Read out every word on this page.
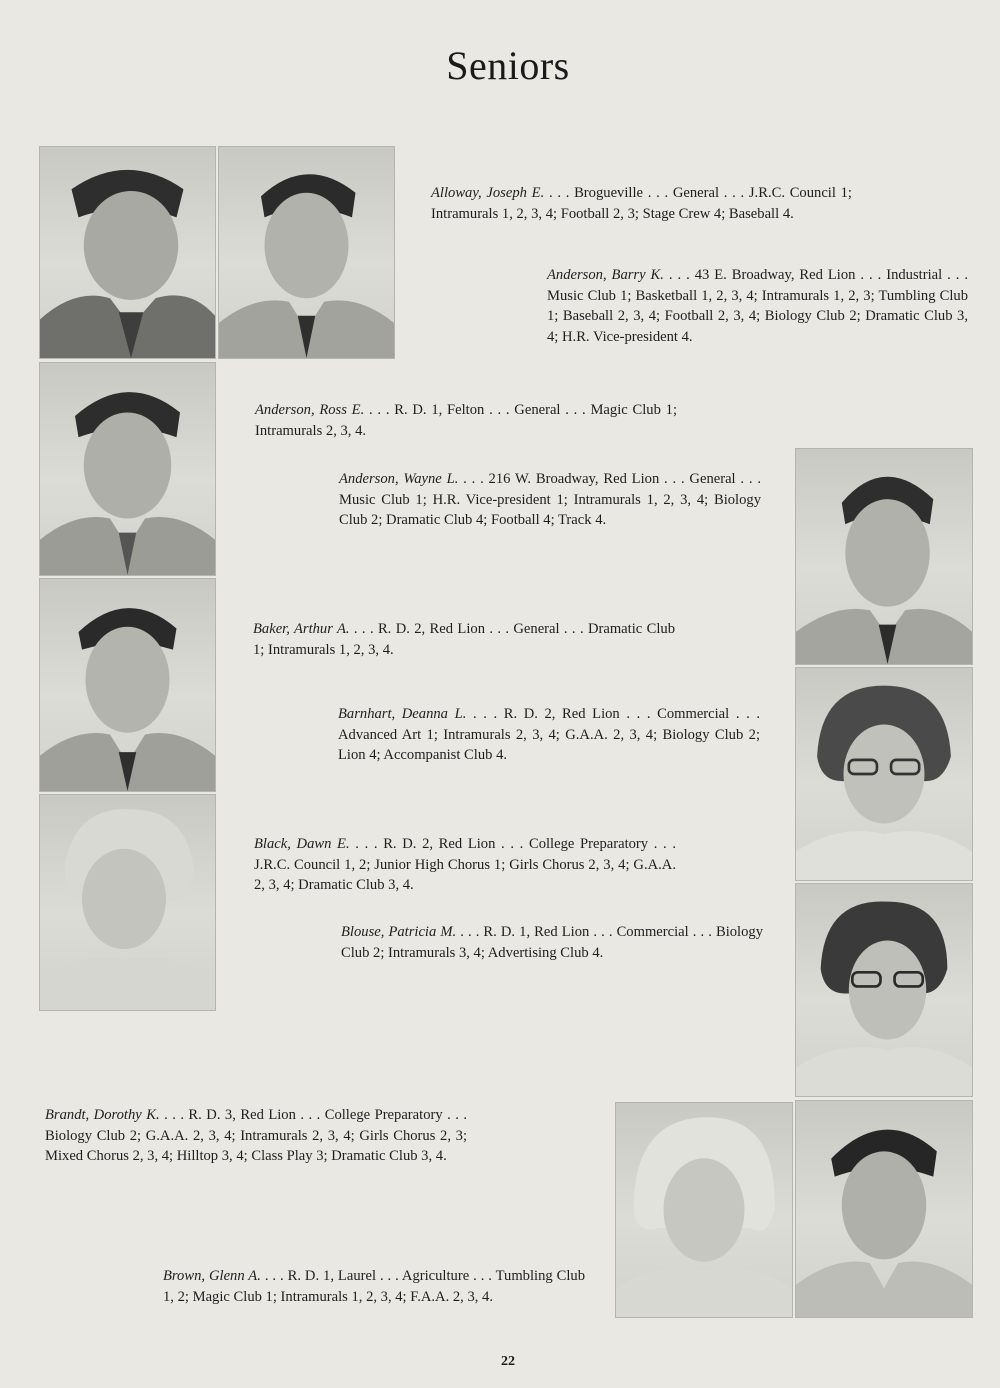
Seniors
Alloway, Joseph E. . . . Brogueville . . . General . . . J.R.C. Council 1; Intramurals 1, 2, 3, 4; Football 2, 3; Stage Crew 4; Baseball 4.
Anderson, Barry K. . . . 43 E. Broadway, Red Lion . . . Industrial . . . Music Club 1; Basketball 1, 2, 3, 4; Intramurals 1, 2, 3; Tumbling Club 1; Baseball 2, 3, 4; Football 2, 3, 4; Biology Club 2; Dramatic Club 3, 4; H.R. Vice-president 4.
Anderson, Ross E. . . . R. D. 1, Felton . . . General . . . Magic Club 1; Intramurals 2, 3, 4.
Anderson, Wayne L. . . . 216 W. Broadway, Red Lion . . . General . . . Music Club 1; H.R. Vice-president 1; Intramurals 1, 2, 3, 4; Biology Club 2; Dramatic Club 4; Football 4; Track 4.
Baker, Arthur A. . . . R. D. 2, Red Lion . . . General . . . Dramatic Club 1; Intramurals 1, 2, 3, 4.
Barnhart, Deanna L. . . . R. D. 2, Red Lion . . . Commercial . . . Advanced Art 1; Intramurals 2, 3, 4; G.A.A. 2, 3, 4; Biology Club 2; Lion 4; Accompanist Club 4.
Black, Dawn E. . . . R. D. 2, Red Lion . . . College Preparatory . . . J.R.C. Council 1, 2; Junior High Chorus 1; Girls Chorus 2, 3, 4; G.A.A. 2, 3, 4; Dramatic Club 3, 4.
Blouse, Patricia M. . . . R. D. 1, Red Lion . . . Commercial . . . Biology Club 2; Intramurals 3, 4; Advertising Club 4.
Brandt, Dorothy K. . . . R. D. 3, Red Lion . . . College Preparatory . . . Biology Club 2; G.A.A. 2, 3, 4; Intramurals 2, 3, 4; Girls Chorus 2, 3; Mixed Chorus 2, 3, 4; Hilltop 3, 4; Class Play 3; Dramatic Club 3, 4.
Brown, Glenn A. . . . R. D. 1, Laurel . . . Agriculture . . . Tumbling Club 1, 2; Magic Club 1; Intramurals 1, 2, 3, 4; F.A.A. 2, 3, 4.
22
